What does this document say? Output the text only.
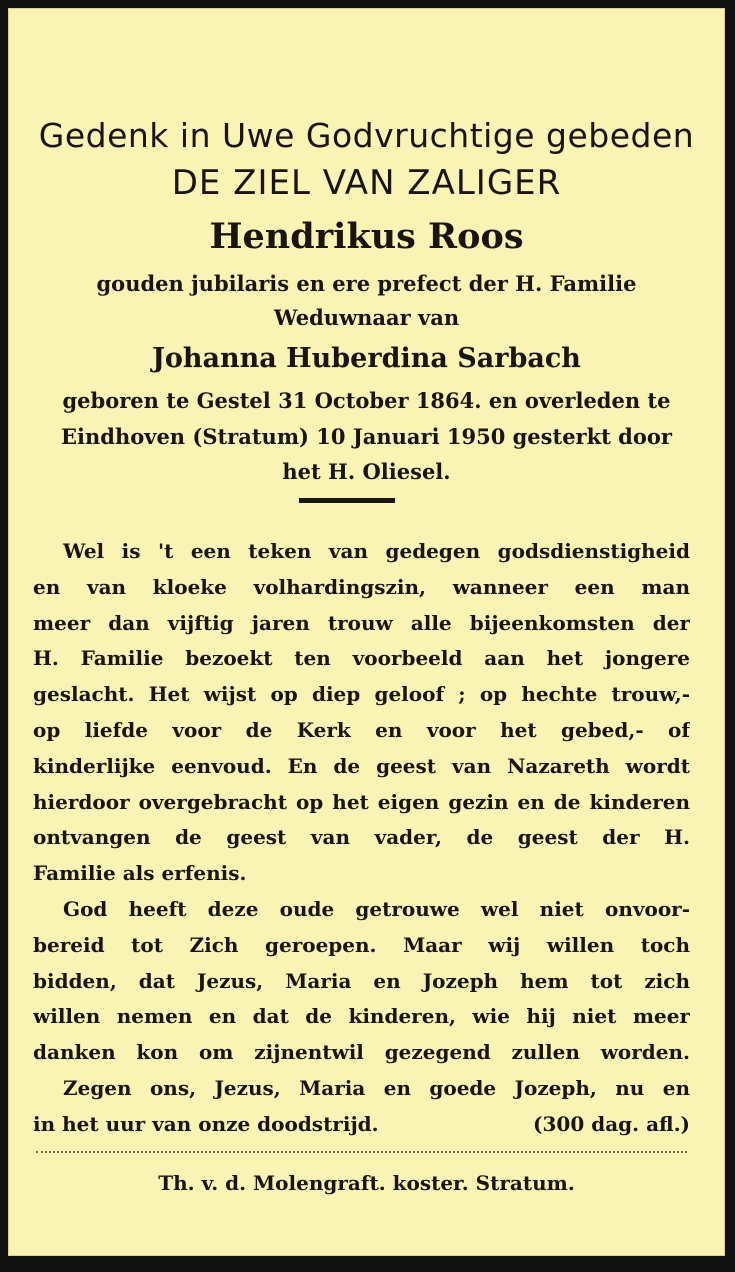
Gedenk in Uwe Godvruchtige gebeden
DE ZIEL VAN ZALIGER
Hendrikus Roos
gouden jubilaris en ere prefect der H. Familie
Weduwnaar van
Johanna Huberdina Sarbach
geboren te Gestel 31 October 1864. en overleden te
Eindhoven (Stratum) 10 Januari 1950 gesterkt door
het H. Oliesel.
Wel is 't een teken van gedegen godsdienstigheid
en van kloeke volhardingszin, wanneer een man
meer dan vijftig jaren trouw alle bijeenkomsten der
H. Familie bezoekt ten voorbeeld aan het jongere
geslacht. Het wijst op diep geloof ; op hechte trouw,-
op liefde voor de Kerk en voor het gebed,- of
kinderlijke eenvoud. En de geest van Nazareth wordt
hierdoor overgebracht op het eigen gezin en de kinderen
ontvangen de geest van vader, de geest der H.
Familie als erfenis.
God heeft deze oude getrouwe wel niet onvoor-
bereid tot Zich geroepen. Maar wij willen toch
bidden, dat Jezus, Maria en Jozeph hem tot zich
willen nemen en dat de kinderen, wie hij niet meer
danken kon om zijnentwil gezegend zullen worden.
Zegen ons, Jezus, Maria en goede Jozeph, nu en
in het uur van onze doodstrijd.	(300 dag. afl.)
Th. v. d. Molengraft. koster. Stratum.
